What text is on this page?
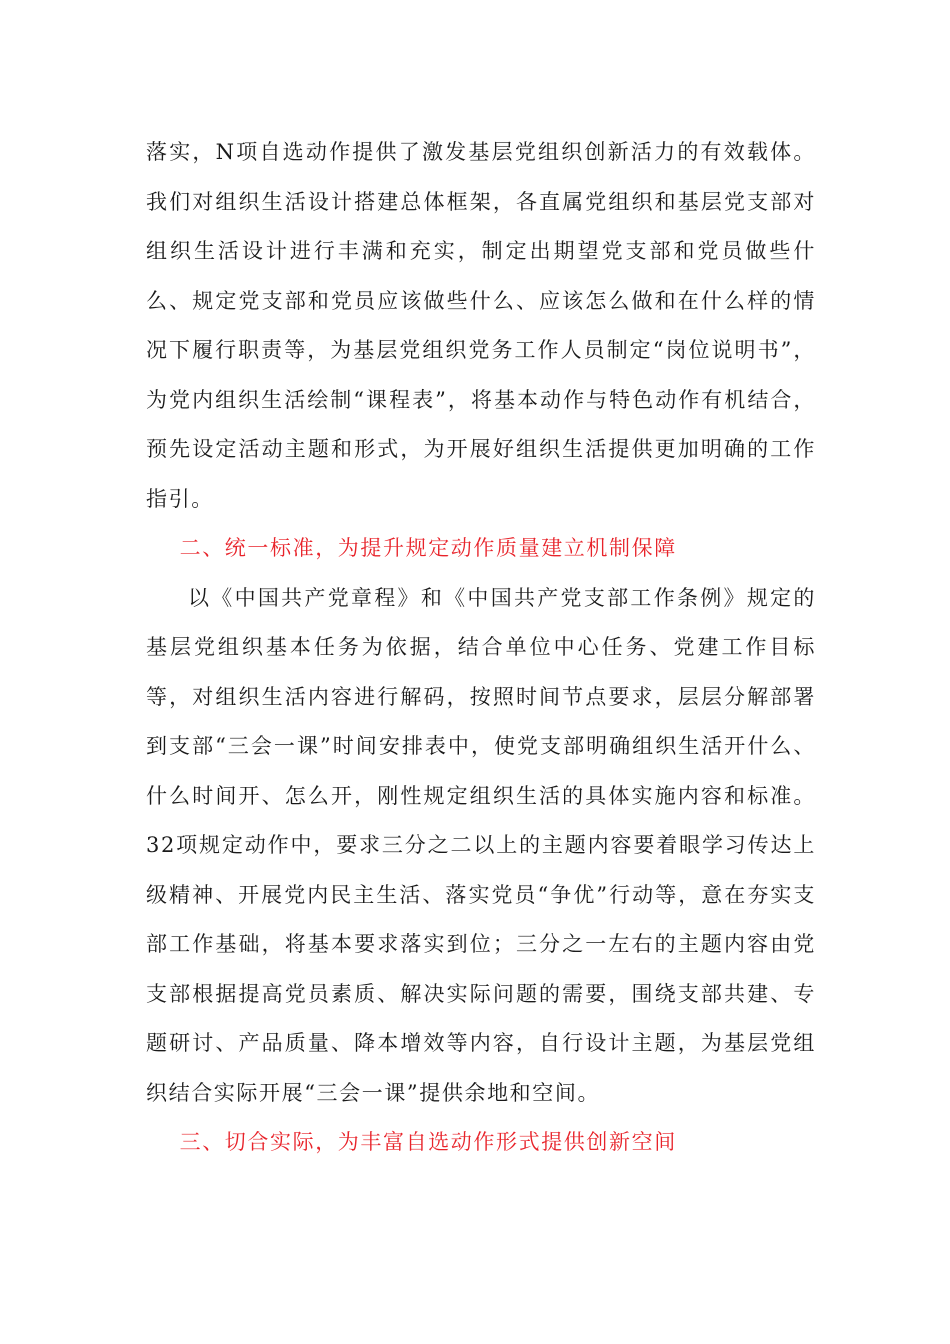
落实，N项自选动作提供了激发基层党组织创新活力的有效载体。我们对组织生活设计搭建总体框架，各直属党组织和基层党支部对组织生活设计进行丰满和充实，制定出期望党支部和党员做些什么、规定党支部和党员应该做些什么、应该怎么做和在什么样的情况下履行职责等，为基层党组织党务工作人员制定“岗位说明书”，为党内组织生活绘制“课程表”，将基本动作与特色动作有机结合，预先设定活动主题和形式，为开展好组织生活提供更加明确的工作指引。

二、统一标准，为提升规定动作质量建立机制保障

以《中国共产党章程》和《中国共产党支部工作条例》规定的基层党组织基本任务为依据，结合单位中心任务、党建工作目标等，对组织生活内容进行解码，按照时间节点要求，层层分解部署到支部“三会一课”时间安排表中，使党支部明确组织生活开什么、什么时间开、怎么开，刚性规定组织生活的具体实施内容和标准。32项规定动作中，要求三分之二以上的主题内容要着眼学习传达上级精神、开展党内民主生活、落实党员“争优”行动等，意在夯实支部工作基础，将基本要求落实到位；三分之一左右的主题内容由党支部根据提高党员素质、解决实际问题的需要，围绕支部共建、专题研讨、产品质量、降本增效等内容，自行设计主题，为基层党组织结合实际开展“三会一课”提供余地和空间。

三、切合实际，为丰富自选动作形式提供创新空间
